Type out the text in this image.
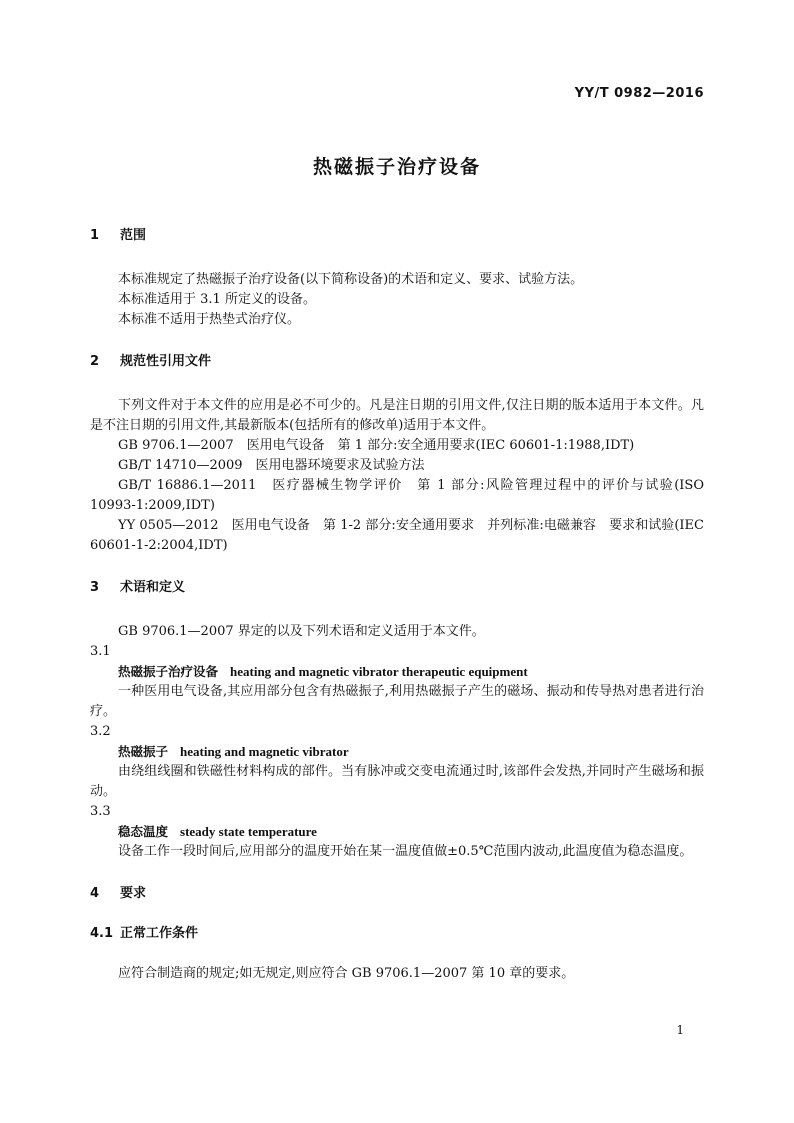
YY/T 0982—2016
热磁振子治疗设备

1 范围

本标准规定了热磁振子治疗设备(以下简称设备)的术语和定义、要求、试验方法。

本标准适用于 3.1 所定义的设备。

本标准不适用于热垫式治疗仪。

2 规范性引用文件

下列文件对于本文件的应用是必不可少的。凡是注日期的引用文件,仅注日期的版本适用于本文件。凡是不注日期的引用文件,其最新版本(包括所有的修改单)适用于本文件。

GB 9706.1—2007　医用电气设备　第 1 部分:安全通用要求(IEC 60601-1:1988,IDT)

GB/T 14710—2009　医用电器环境要求及试验方法

GB/T 16886.1—2011　医疗器械生物学评价　第 1 部分:风险管理过程中的评价与试验(ISO 10993-1:2009,IDT)

YY 0505—2012　医用电气设备　第 1-2 部分:安全通用要求　并列标准:电磁兼容　要求和试验(IEC 60601-1-2:2004,IDT)

3 术语和定义

GB 9706.1—2007 界定的以及下列术语和定义适用于本文件。

3.1

热磁振子治疗设备 heating and magnetic vibrator therapeutic equipment

一种医用电气设备,其应用部分包含有热磁振子,利用热磁振子产生的磁场、振动和传导热对患者进行治疗。

3.2

热磁振子 heating and magnetic vibrator

由绕组线圈和铁磁性材料构成的部件。当有脉冲或交变电流通过时,该部件会发热,并同时产生磁场和振动。

3.3

稳态温度 steady state temperature

设备工作一段时间后,应用部分的温度开始在某一温度值做±0.5℃范围内波动,此温度值为稳态温度。

4 要求

4.1 正常工作条件

应符合制造商的规定;如无规定,则应符合 GB 9706.1—2007 第 10 章的要求。

1
